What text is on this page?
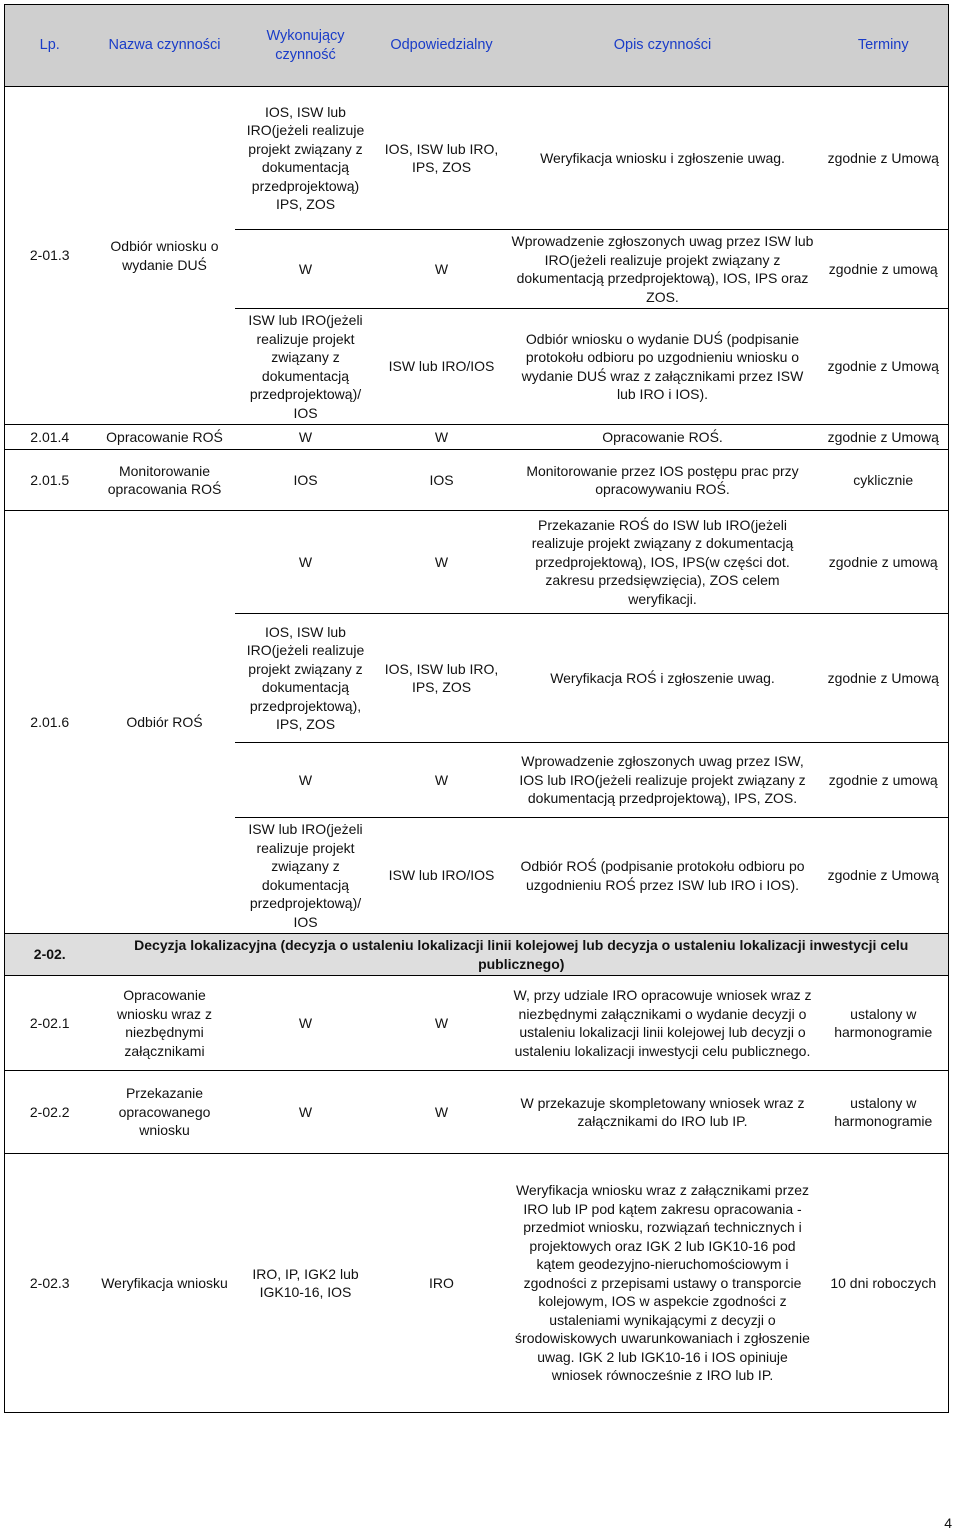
Lp.	Nazwa czynności	Wykonujący czynność	Odpowiedzialny	Opis czynności	Terminy
2-01.3	Odbiór wniosku o wydanie DUŚ	IOS, ISW lub IRO(jeżeli realizuje projekt związany z dokumentacją przedprojektową) IPS, ZOS	IOS, ISW lub IRO, IPS, ZOS	Weryfikacja wniosku i zgłoszenie uwag.	zgodnie z Umową
		W	W	Wprowadzenie zgłoszonych uwag przez ISW lub IRO(jeżeli realizuje projekt związany z dokumentacją przedprojektową), IOS, IPS oraz ZOS.	zgodnie z umową
		ISW lub IRO(jeżeli realizuje projekt związany z dokumentacją przedprojektową)/ IOS	ISW lub IRO/IOS	Odbiór wniosku o wydanie DUŚ (podpisanie protokołu odbioru po uzgodnieniu wniosku o wydanie DUŚ wraz z załącznikami przez ISW lub IRO i IOS).	zgodnie z Umową
2.01.4	Opracowanie ROŚ	W	W	Opracowanie ROŚ.	zgodnie z Umową
2.01.5	Monitorowanie opracowania ROŚ	IOS	IOS	Monitorowanie przez IOS postępu prac przy opracowywaniu ROŚ.	cyklicznie
2.01.6	Odbiór ROŚ	W	W	Przekazanie ROŚ do ISW lub IRO(jeżeli realizuje projekt związany z dokumentacją przedprojektową), IOS, IPS(w części dot. zakresu przedsięwzięcia), ZOS celem weryfikacji.	zgodnie z umową
		IOS, ISW lub IRO(jeżeli realizuje projekt związany z dokumentacją przedprojektową), IPS, ZOS	IOS, ISW lub IRO, IPS, ZOS	Weryfikacja ROŚ i zgłoszenie uwag.	zgodnie z Umową
		W	W	Wprowadzenie zgłoszonych uwag przez ISW, IOS lub IRO(jeżeli realizuje projekt związany z dokumentacją przedprojektową), IPS, ZOS.	zgodnie z umową
		ISW lub IRO(jeżeli realizuje projekt związany z dokumentacją przedprojektową)/ IOS	ISW lub IRO/IOS	Odbiór ROŚ (podpisanie protokołu odbioru po uzgodnieniu ROŚ przez ISW lub IRO i IOS).	zgodnie z Umową
2-02.	Decyzja lokalizacyjna (decyzja o ustaleniu lokalizacji linii kolejowej lub decyzja o ustaleniu lokalizacji inwestycji celu publicznego)				
2-02.1	Opracowanie wniosku wraz z niezbędnymi załącznikami	W	W	W, przy udziale IRO opracowuje wniosek wraz z niezbędnymi załącznikami o wydanie decyzji o ustaleniu lokalizacji linii kolejowej lub decyzji o ustaleniu lokalizacji inwestycji celu publicznego.	ustalony w harmonogramie
2-02.2	Przekazanie opracowanego wniosku	W	W	W przekazuje skompletowany wniosek wraz z załącznikami do IRO lub IP.	ustalony w harmonogramie
2-02.3	Weryfikacja wniosku	IRO, IP, IGK2 lub IGK10-16, IOS	IRO	Weryfikacja wniosku wraz z załącznikami przez IRO lub IP pod kątem zakresu opracowania - przedmiot wniosku, rozwiązań technicznych i projektowych oraz IGK 2 lub IGK10-16 pod kątem geodezyjno-nieruchomościowym i zgodności z przepisami ustawy o transporcie kolejowym, IOS w aspekcie zgodności z ustaleniami wynikającymi z decyzji o środowiskowych uwarunkowaniach i zgłoszenie uwag. IGK 2 lub IGK10-16 i IOS opiniuje wniosek równocześnie z IRO lub IP.	10 dni roboczych
4
